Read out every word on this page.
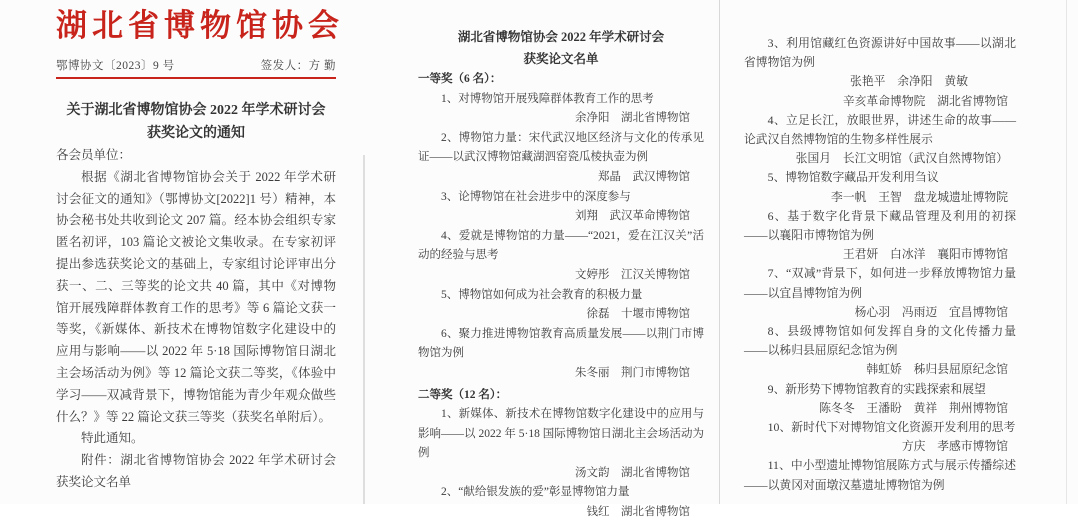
湖北省博物馆协会

鄂博协文〔2023〕9 号	签发人：方 勤

关于湖北省博物馆协会 2022 年学术研讨会

获奖论文的通知

各会员单位：

根据《湖北省博物馆协会关于 2022 年学术研讨会征文的通知》（鄂博协文[2022]1 号）精神，本协会秘书处共收到论文 207 篇。经本协会组织专家匿名初评，103 篇论文被论文集收录。在专家初评提出参选获奖论文的基础上，专家组讨论评审出分获一、二、三等奖的论文共 40 篇，其中《对博物馆开展残障群体教育工作的思考》等 6 篇论文获一等奖，《新媒体、新技术在博物馆数字化建设中的应用与影响——以 2022 年 5·18 国际博物馆日湖北主会场活动为例》等 12 篇论文获二等奖，《体验中学习——双减背景下，博物馆能为青少年观众做些什么？》等 22 篇论文获三等奖（获奖名单附后）。

特此通知。

附件：湖北省博物馆协会 2022 年学术研讨会获奖论文名单

湖北省博物馆协会 2022 年学术研讨会

获奖论文名单

一等奖（6 名）：

1、对博物馆开展残障群体教育工作的思考

余净阳　湖北省博物馆

2、博物馆力量：宋代武汉地区经济与文化的传承见证——以武汉博物馆藏湖泗窑瓷瓜棱执壶为例

郑晶　武汉博物馆

3、论博物馆在社会进步中的深度参与

刘翔　武汉革命博物馆

4、爱就是博物馆的力量——“2021，爱在江汉关”活动的经验与思考

文婷彤　江汉关博物馆

5、博物馆如何成为社会教育的积极力量

徐磊　十堰市博物馆

6、聚力推进博物馆教育高质量发展——以荆门市博物馆为例

朱冬丽　荆门市博物馆

二等奖（12 名）：

1、新媒体、新技术在博物馆数字化建设中的应用与影响——以 2022 年 5·18 国际博物馆日湖北主会场活动为例

汤文韵　湖北省博物馆

2、“献给银发族的爱”彰显博物馆力量

钱红　湖北省博物馆

3、利用馆藏红色资源讲好中国故事——以湖北省博物馆为例

张艳平　余净阳　黄敏

辛亥革命博物院　湖北省博物馆

4、立足长江，放眼世界，讲述生命的故事——论武汉自然博物馆的生物多样性展示

张国月　长江文明馆（武汉自然博物馆）

5、博物馆数字藏品开发利用刍议

李一帆　王智　盘龙城遗址博物院

6、基于数字化背景下藏品管理及利用的初探——以襄阳市博物馆为例

王君妍　白冰洋　襄阳市博物馆

7、“双减”背景下，如何进一步释放博物馆力量——以宜昌博物馆为例

杨心羽　冯雨迈　宜昌博物馆

8、县级博物馆如何发挥自身的文化传播力量——以秭归县屈原纪念馆为例

韩虹娇　秭归县屈原纪念馆

9、新形势下博物馆教育的实践探索和展望

陈冬冬　王潘盼　黄祥　荆州博物馆

10、新时代下对博物馆文化资源开发利用的思考

方庆　孝感市博物馆

11、中小型遗址博物馆展陈方式与展示传播综述——以黄冈对面墩汉墓遗址博物馆为例
